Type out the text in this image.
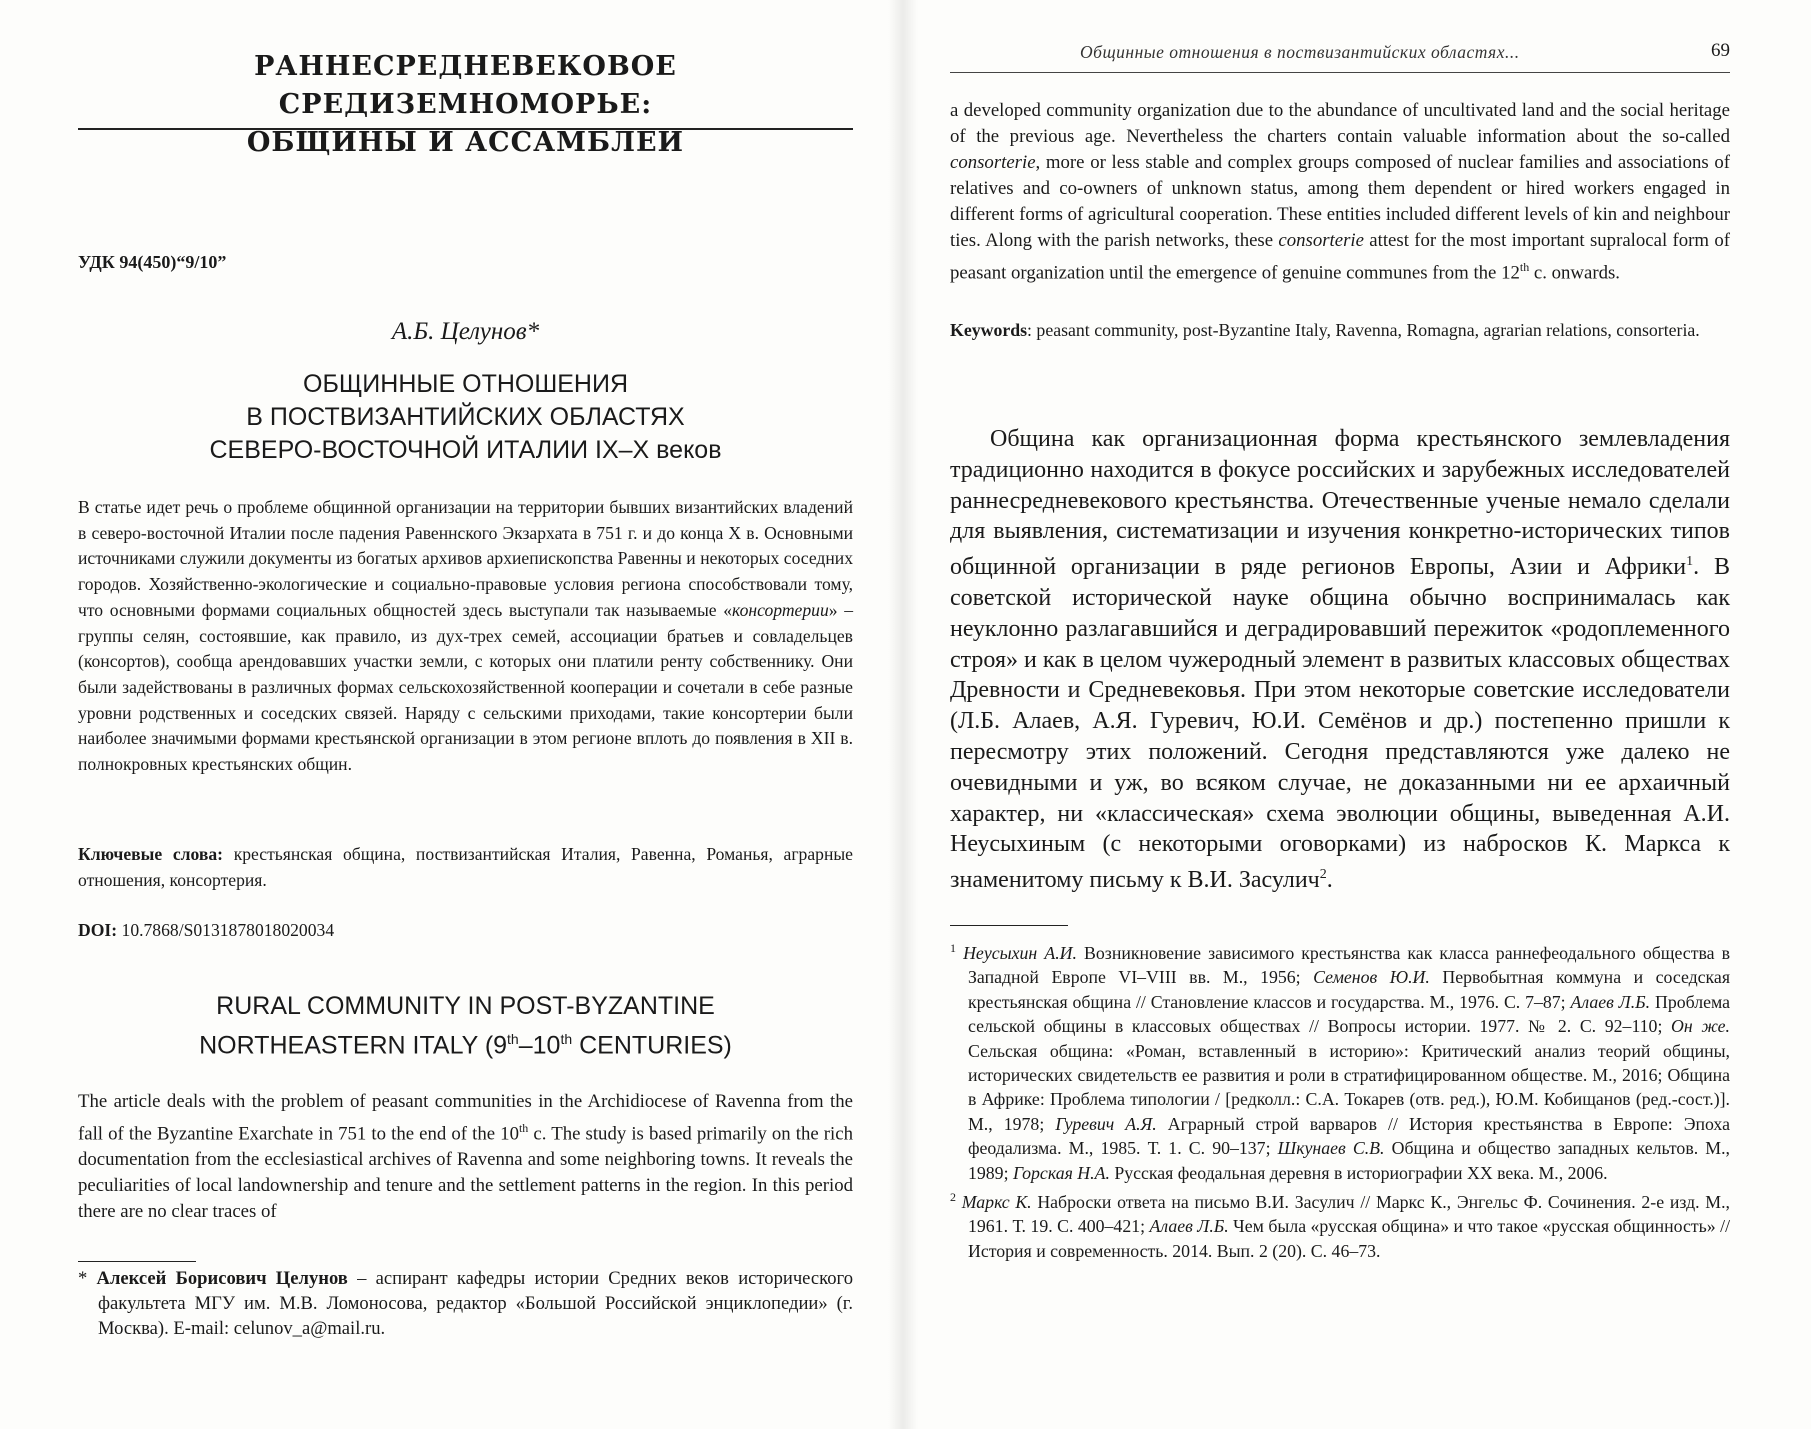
РАННЕСРЕДНЕВЕКОВОЕ СРЕДИЗЕМНОМОРЬЕ:
ОБЩИНЫ И АССАМБЛЕИ
УДК 94(450)“9/10”
А.Б. Целунов*
ОБЩИННЫЕ ОТНОШЕНИЯ
В ПОСТВИЗАНТИЙСКИХ ОБЛАСТЯХ
СЕВЕРО-ВОСТОЧНОЙ ИТАЛИИ IX–X веков
В статье идет речь о проблеме общинной организации на территории бывших византийских владений в северо-восточной Италии после падения Равеннского Экзархата в 751 г. и до конца X в. Основными источниками служили документы из богатых архивов архиепископства Равенны и некоторых соседних городов. Хозяйственно-экологические и социально-правовые условия региона способствовали тому, что основными формами социальных общностей здесь выступали так называемые «консортерии» – группы селян, состоявшие, как правило, из дух-трех семей, ассоциации братьев и совладельцев (консортов), сообща арендовавших участки земли, с которых они платили ренту собственнику. Они были задействованы в различных формах сельскохозяйственной кооперации и сочетали в себе разные уровни родственных и соседских связей. Наряду с сельскими приходами, такие консортерии были наиболее значимыми формами крестьянской организации в этом регионе вплоть до появления в XII в. полнокровных крестьянских общин.
Ключевые слова: крестьянская община, поствизантийская Италия, Равенна, Романья, аграрные отношения, консортерия.
DOI: 10.7868/S0131878018020034
RURAL COMMUNITY IN POST-BYZANTINE
NORTHEASTERN ITALY (9th–10th CENTURIES)
The article deals with the problem of peasant communities in the Archidiocese of Ravenna from the fall of the Byzantine Exarchate in 751 to the end of the 10th c. The study is based primarily on the rich documentation from the ecclesiastical archives of Ravenna and some neighboring towns. It reveals the peculiarities of local landownership and tenure and the settlement patterns in the region. In this period there are no clear traces of
* Алексей Борисович Целунов – аспирант кафедры истории Средних веков исторического факультета МГУ им. М.В. Ломоносова, редактор «Большой Российской энциклопедии» (г. Москва). E-mail: celunov_a@mail.ru.
Общинные отношения в поствизантийских областях...	69
a developed community organization due to the abundance of uncultivated land and the social heritage of the previous age. Nevertheless the charters contain valuable information about the so-called consorterie, more or less stable and complex groups composed of nuclear families and associations of relatives and co-owners of unknown status, among them dependent or hired workers engaged in different forms of agricultural cooperation. These entities included different levels of kin and neighbour ties. Along with the parish networks, these consorterie attest for the most important supralocal form of peasant organization until the emergence of genuine communes from the 12th c. onwards.
Keywords: peasant community, post-Byzantine Italy, Ravenna, Romagna, agrarian relations, consorteria.
Община как организационная форма крестьянского землевладения традиционно находится в фокусе российских и зарубежных исследователей раннесредневекового крестьянства. Отечественные ученые немало сделали для выявления, систематизации и изучения конкретно-исторических типов общинной организации в ряде регионов Европы, Азии и Африки$^1$. В советской исторической науке община обычно воспринималась как неуклонно разлагавшийся и деградировавший пережиток «родоплеменного строя» и как в целом чужеродный элемент в развитых классовых обществах Древности и Средневековья. При этом некоторые советские исследователи (Л.Б. Алаев, А.Я. Гуревич, Ю.И. Семёнов и др.) постепенно пришли к пересмотру этих положений. Сегодня представляются уже далеко не очевидными и уж, во всяком случае, не доказанными ни ее архаичный характер, ни «классическая» схема эволюции общины, выведенная А.И. Неусыхиным (с некоторыми оговорками) из набросков К. Маркса к знаменитому письму к В.И. Засулич$^2$.

$^1$ Неусыхин А.И. Возникновение зависимого крестьянства как класса раннефеодального общества в Западной Европе VI–VIII вв. М., 1956; Семенов Ю.И. Первобытная коммуна и соседская крестьянская община // Становление классов и государства. М., 1976. С. 7–87; Алаев Л.Б. Проблема сельской общины в классовых обществах // Вопросы истории. 1977. № 2. С. 92–110; Он же. Сельская община: «Роман, вставленный в историю»: Критический анализ теорий общины, исторических свидетельств ее развития и роли в стратифицированном обществе. М., 2016; Община в Африке: Проблема типологии / [редколл.: С.А. Токарев (отв. ред.), Ю.М. Кобищанов (ред.-сост.)]. М., 1978; Гуревич А.Я. Аграрный строй варваров // История крестьянства в Европе: Эпоха феодализма. М., 1985. Т. 1. С. 90–137; Шкунаев С.В. Община и общество западных кельтов. М., 1989; Горская Н.А. Русская феодальная деревня в историографии XX века. М., 2006.

$^2$ Маркс К. Наброски ответа на письмо В.И. Засулич // Маркс К., Энгельс Ф. Сочинения. 2-е изд. М., 1961. Т. 19. С. 400–421; Алаев Л.Б. Чем была «русская община» и что такое «русская общинность» // История и современность. 2014. Вып. 2 (20). С. 46–73.
